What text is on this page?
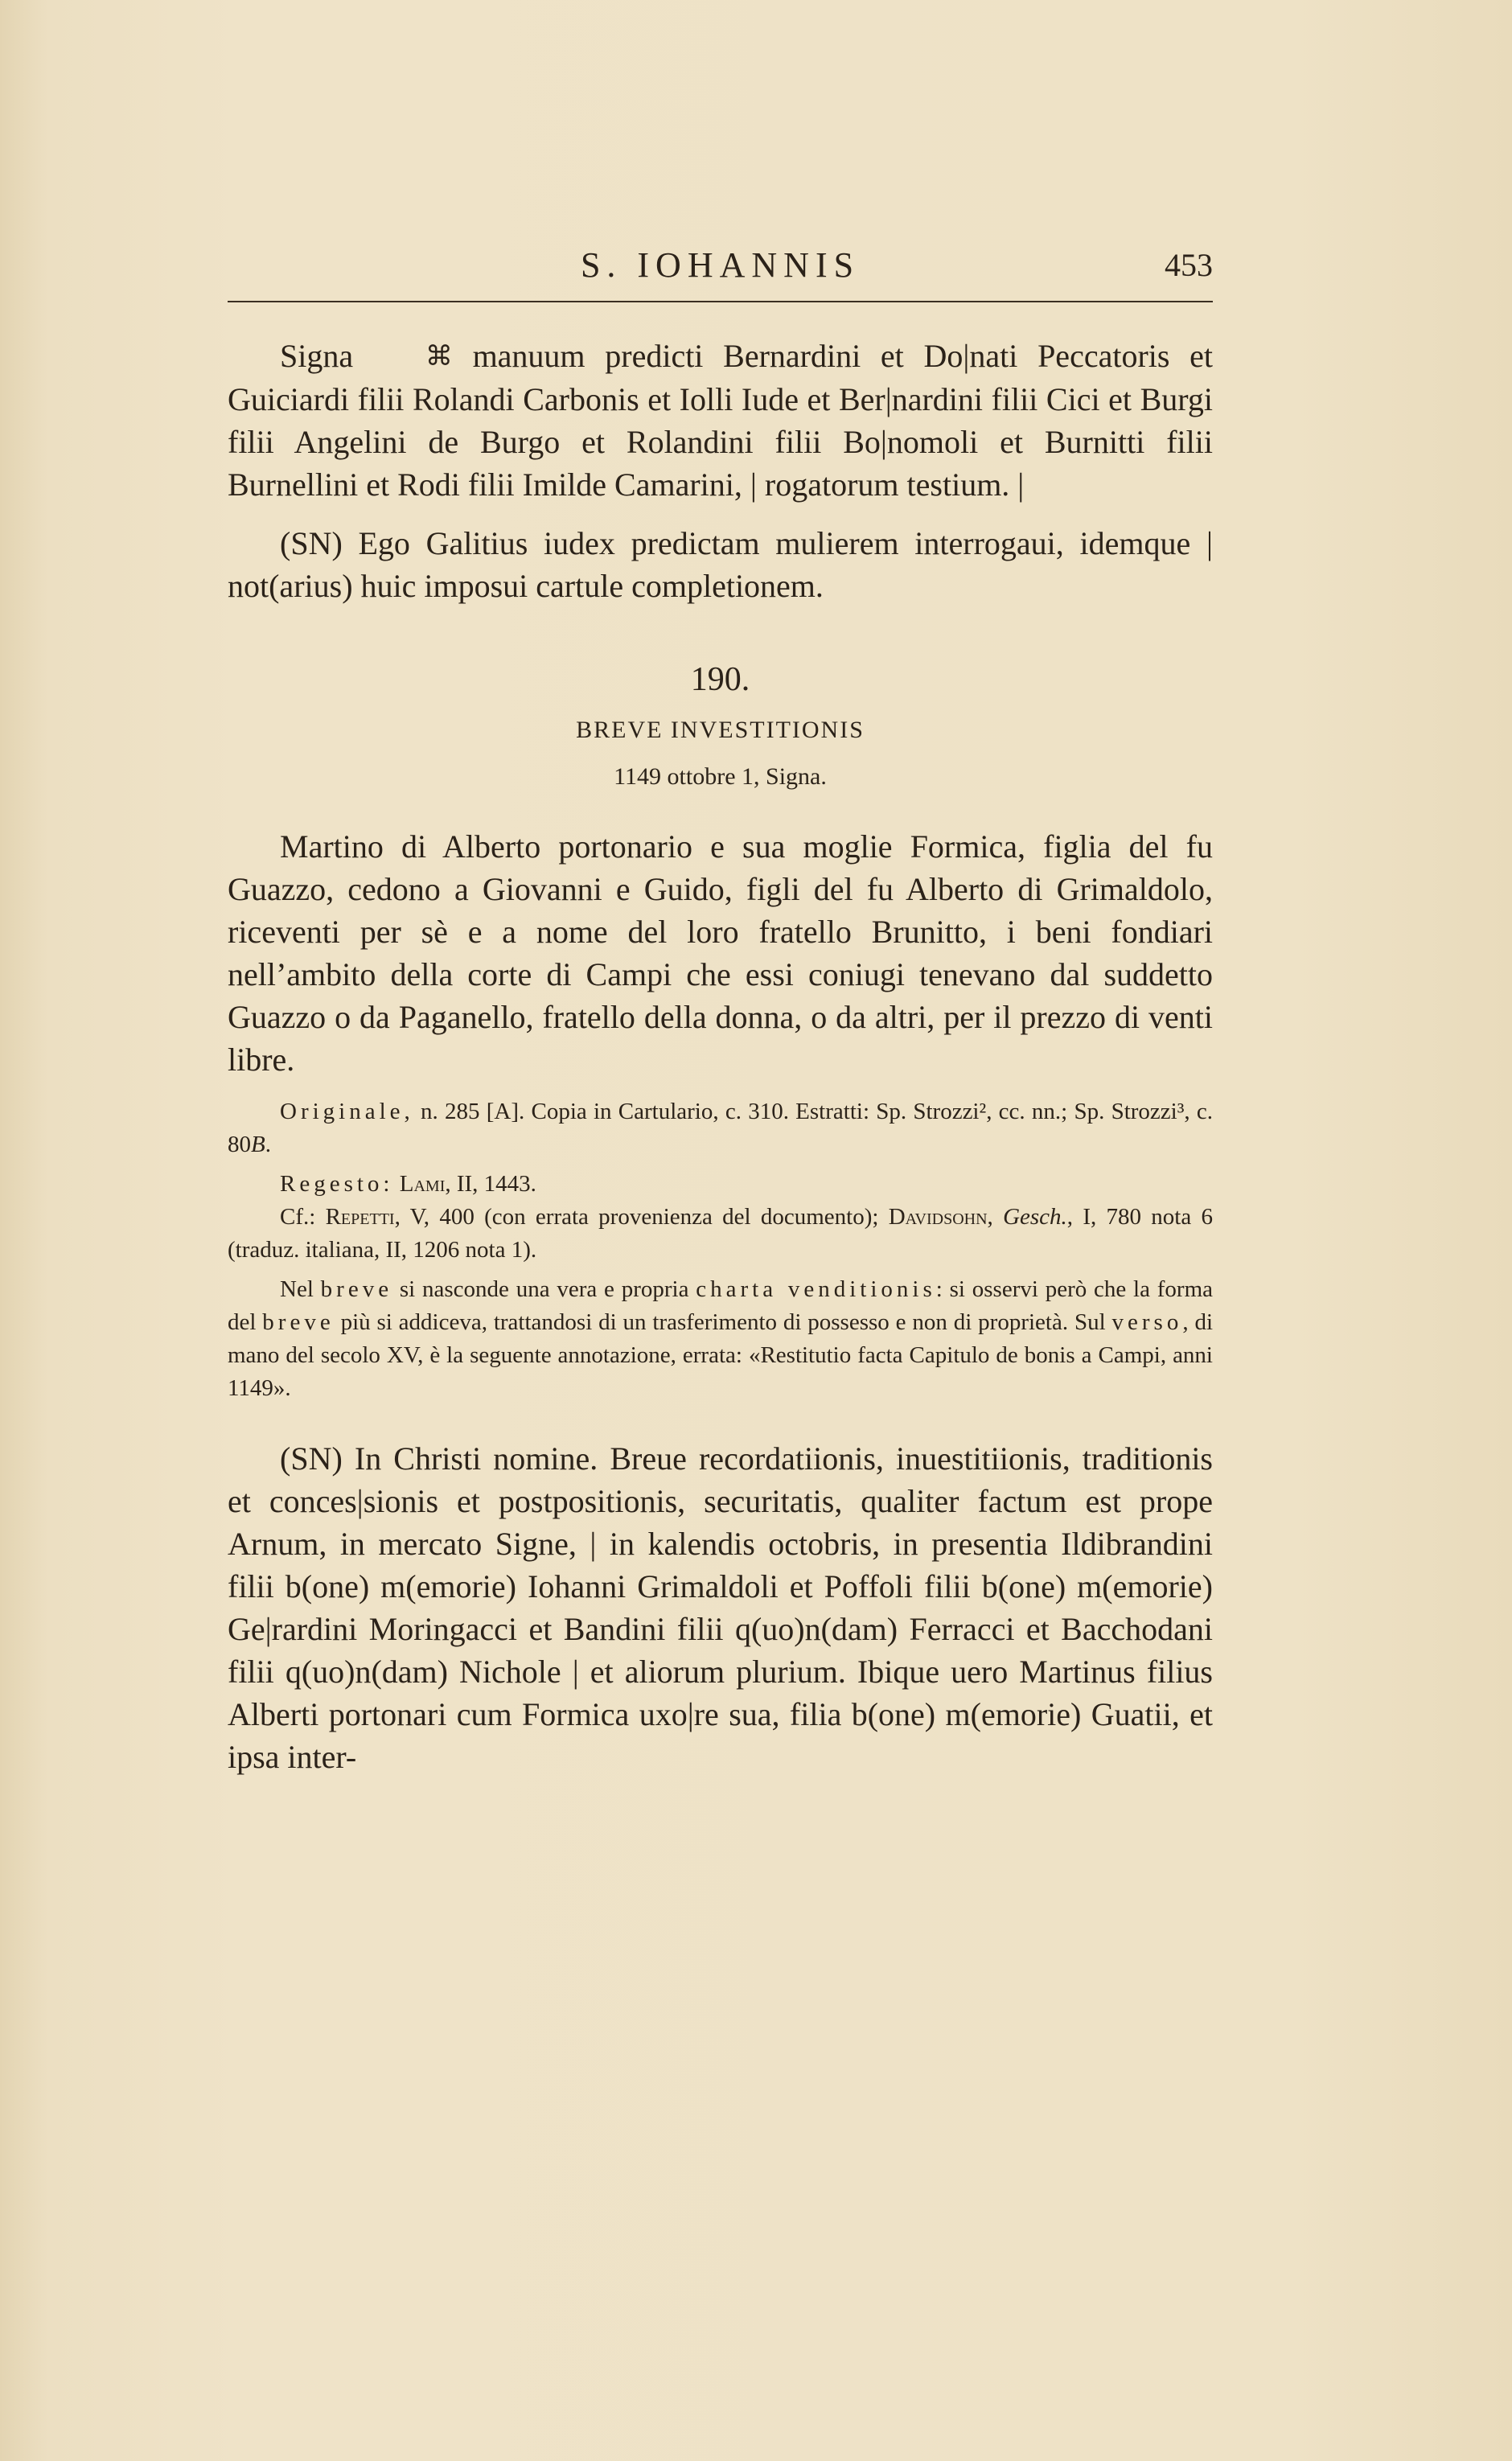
S. IOHANNIS	453

Signa	⌘ manuum predicti Bernardini et Do|nati Peccatoris et Guiciardi filii Rolandi Carbonis et Iolli Iude et Ber|nardini filii Cici et Burgi filii Angelini de Burgo et Rolandini filii Bo|nomoli et Burnitti filii Burnellini et Rodi filii Imilde Camarini, | rogatorum testium. |

(SN) Ego Galitius iudex predictam mulierem interrogaui, idemque | not(arius) huic imposui cartule completionem.

190.
BREVE INVESTITIONIS
1149 ottobre 1, Signa.

Martino di Alberto portonario e sua moglie Formica, figlia del fu Guazzo, cedono a Giovanni e Guido, figli del fu Alberto di Grimaldolo, riceventi per sè e a nome del loro fratello Brunitto, i beni fondiari nell’ambito della corte di Campi che essi coniugi tenevano dal suddetto Guazzo o da Paganello, fratello della donna, o da altri, per il prezzo di venti libre.

Originale, n. 285 [A]. Copia in Cartulario, c. 310. Estratti: Sp. Strozzi², cc. nn.; Sp. Strozzi³, c. 80B.

Regesto: Lami, II, 1443.

Cf.: Repetti, V, 400 (con errata provenienza del documento); Davidsohn, Gesch., I, 780 nota 6 (traduz. italiana, II, 1206 nota 1).

Nel breve si nasconde una vera e propria charta venditionis: si osservi però che la forma del breve più si addiceva, trattandosi di un trasferimento di possesso e non di proprietà. Sul verso, di mano del secolo XV, è la seguente annotazione, errata: «Restitutio facta Capitulo de bonis a Campi, anni 1149».

(SN) In Christi nomine. Breue recordatiionis, inuestitiionis, traditionis et conces|sionis et postpositionis, securitatis, qualiter factum est prope Arnum, in mercato Signe, | in kalendis octobris, in presentia Ildibrandini filii b(one) m(emorie) Iohanni Grimaldoli et Poffoli filii b(one) m(emorie) Ge|rardini Moringacci et Bandini filii q(uo)n(dam) Ferracci et Bacchodani filii q(uo)n(dam) Nichole | et aliorum plurium. Ibique uero Martinus filius Alberti portonari cum Formica uxo|re sua, filia b(one) m(emorie) Guatii, et ipsa inter-
